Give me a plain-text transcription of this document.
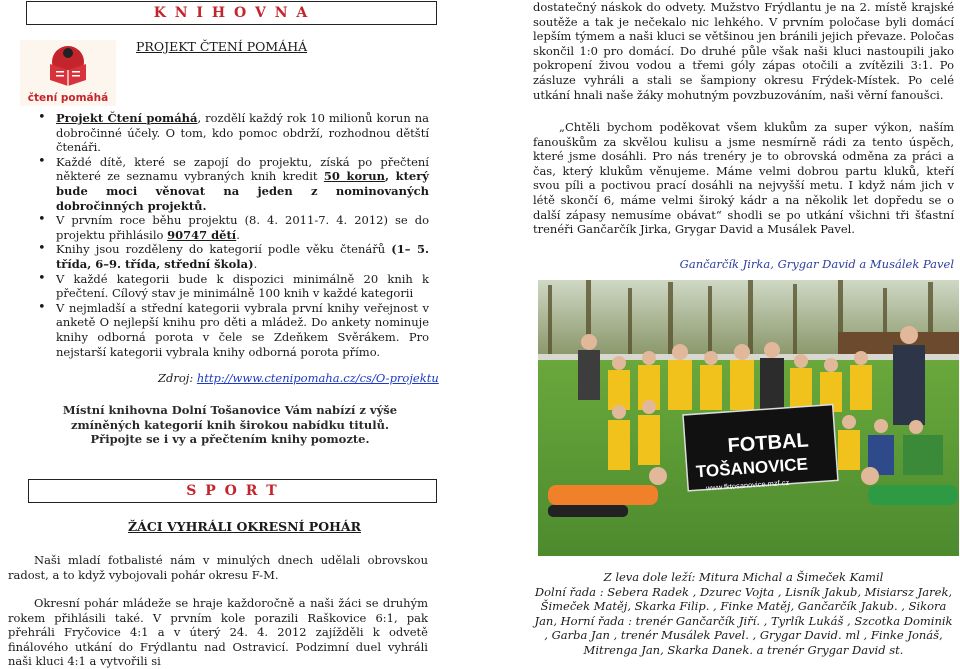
K N I H O V N A
čtení pomáhá
PROJEKT ČTENÍ POMÁHÁ
• Projekt Čtení pomáhá, rozdělí každý rok 10 milionů korun na dobročinné účely. O tom, kdo pomoc obdrží, rozhodnou dětští čtenáři.
• Každé dítě, které se zapojí do projektu, získá po přečtení některé ze seznamu vybraných knih kredit 50 korun, který bude moci věnovat na jeden z nominovaných dobročinných projektů.
• V prvním roce běhu projektu (8. 4. 2011-7. 4. 2012) se do projektu přihlásilo 90747 dětí.
• Knihy jsou rozděleny do kategorií podle věku čtenářů (1– 5. třída, 6–9. třída, střední škola).
• V každé kategorii bude k dispozici minimálně 20 knih k přečtení. Cílový stav je minimálně 100 knih v každé kategorii
• V nejmladší a střední kategorii vybrala první knihy veřejnost v anketě O nejlepší knihu pro děti a mládež. Do ankety nominuje knihy odborná porota v čele se Zdeňkem Svěrákem. Pro nejstarší kategorii vybrala knihy odborná porota přímo.
Zdroj: http://www.ctenipomaha.cz/cs/O-projektu
Místní knihovna Dolní Tošanovice Vám nabízí z výše
zmíněných kategorií knih širokou nabídku titulů.
Připojte se i vy a přečtením knihy pomozte.
S P O R T
ŽÁCI VYHRÁLI OKRESNÍ POHÁR
Naši mladí fotbalisté nám v minulých dnech udělali obrovskou radost, a to když vybojovali pohár okresu F-M.
Okresní pohár mládeže se hraje každoročně a naši žáci se druhým rokem přihlásili také. V prvním kole porazili Raškovice 6:1, pak přehráli Fryčovice 4:1 a v úterý 24. 4. 2012 zajížděli k odvetě finálového utkání do Frýdlantu nad Ostravicí. Podzimní duel vyhráli naši kluci 4:1 a vytvořili si
dostatečný náskok do odvety. Mužstvo Frýdlantu je na 2. místě krajské soutěže a tak je nečekalo nic lehkého. V prvním poločase byli domácí lepším týmem a naši kluci se většinou jen bránili jejich převaze. Poločas skončil 1:0 pro domácí. Do druhé půle však naši kluci nastoupili jako pokropení živou vodou a třemi góly zápas otočili a zvítězili 3:1. Po zásluze vyhráli a stali se šampiony okresu Frýdek-Místek. Po celé utkání hnali naše žáky mohutným povzbuzováním, naši věrní fanoušci.
„Chtěli bychom poděkovat všem klukům za super výkon, naším fanouškům za skvělou kulisu a jsme nesmírně rádi za tento úspěch, které jsme dosáhli. Pro nás trenéry je to obrovská odměna za práci a čas, který klukům věnujeme. Máme velmi dobrou partu kluků, kteří svou píli a poctivou prací dosáhli na nejvyšší metu. I když nám jich v létě skončí 6, máme velmi široký kádr a na několik let dopředu se o další zápasy nemusíme obávat“ shodli se po utkání všichni tři šťastní trenéři Gančarčík Jirka, Grygar David a Musálek Pavel.
Gančarčík Jirka, Grygar David a Musálek Pavel
FOTBAL
TOŠANOVICE
www.fktosanovice.mzf.cz
Z leva dole leží: Mitura Michal a Šimeček Kamil
Dolní řada : Sebera Radek , Dzurec Vojta , Lisník Jakub, Misiarsz Jarek, Šimeček Matěj, Skarka Filip. , Finke Matěj, Gančarčík Jakub. , Sikora Jan, Horní řada : trenér Gančarčík Jiří. , Tyrlík Lukáš , Szcotka Dominik , Garba Jan , trenér Musálek Pavel. , Grygar David. ml , Finke Jonáš, Mitrenga Jan, Skarka Danek. a trenér Grygar David st.
